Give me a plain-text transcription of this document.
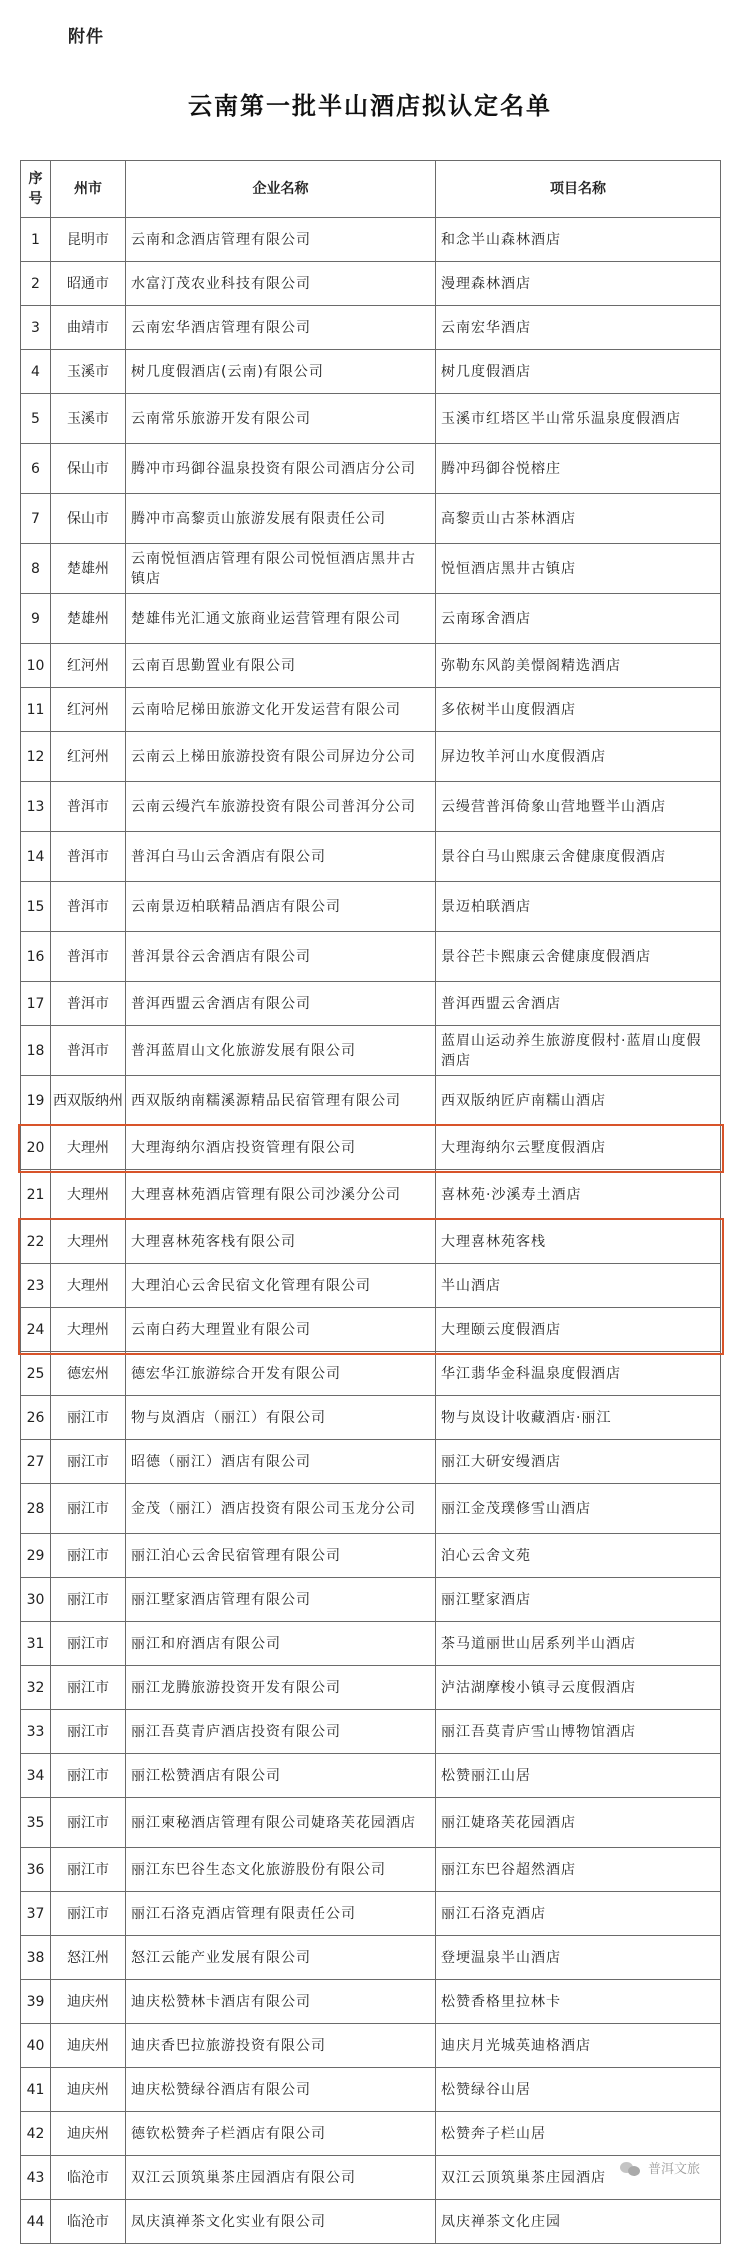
附件
云南第一批半山酒店拟认定名单
序号	州市	企业名称	项目名称
1	昆明市	云南和念酒店管理有限公司	和念半山森林酒店
2	昭通市	水富汀茂农业科技有限公司	漫理森林酒店
3	曲靖市	云南宏华酒店管理有限公司	云南宏华酒店
4	玉溪市	树几度假酒店(云南)有限公司	树几度假酒店
5	玉溪市	云南常乐旅游开发有限公司	玉溪市红塔区半山常乐温泉度假酒店
6	保山市	腾冲市玛御谷温泉投资有限公司酒店分公司	腾冲玛御谷悦榕庄
7	保山市	腾冲市高黎贡山旅游发展有限责任公司	高黎贡山古茶林酒店
8	楚雄州	云南悦恒酒店管理有限公司悦恒酒店黑井古镇店	悦恒酒店黑井古镇店
9	楚雄州	楚雄伟光汇通文旅商业运营管理有限公司	云南琢舍酒店
10	红河州	云南百思勤置业有限公司	弥勒东风韵美憬阁精选酒店
11	红河州	云南哈尼梯田旅游文化开发运营有限公司	多依树半山度假酒店
12	红河州	云南云上梯田旅游投资有限公司屏边分公司	屏边牧羊河山水度假酒店
13	普洱市	云南云缦汽车旅游投资有限公司普洱分公司	云缦营普洱倚象山营地暨半山酒店
14	普洱市	普洱白马山云舍酒店有限公司	景谷白马山熙康云舍健康度假酒店
15	普洱市	云南景迈柏联精品酒店有限公司	景迈柏联酒店
16	普洱市	普洱景谷云舍酒店有限公司	景谷芒卡熙康云舍健康度假酒店
17	普洱市	普洱西盟云舍酒店有限公司	普洱西盟云舍酒店
18	普洱市	普洱蓝眉山文化旅游发展有限公司	蓝眉山运动养生旅游度假村·蓝眉山度假酒店
19	西双版纳州	西双版纳南糯溪源精品民宿管理有限公司	西双版纳匠庐南糯山酒店
20	大理州	大理海纳尔酒店投资管理有限公司	大理海纳尔云墅度假酒店
21	大理州	大理喜林苑酒店管理有限公司沙溪分公司	喜林苑·沙溪寿土酒店
22	大理州	大理喜林苑客栈有限公司	大理喜林苑客栈
23	大理州	大理泊心云舍民宿文化管理有限公司	半山酒店
24	大理州	云南白药大理置业有限公司	大理颐云度假酒店
25	德宏州	德宏华江旅游综合开发有限公司	华江翡华金科温泉度假酒店
26	丽江市	物与岚酒店（丽江）有限公司	物与岚设计收藏酒店·丽江
27	丽江市	昭德（丽江）酒店有限公司	丽江大研安缦酒店
28	丽江市	金茂（丽江）酒店投资有限公司玉龙分公司	丽江金茂璞修雪山酒店
29	丽江市	丽江泊心云舍民宿管理有限公司	泊心云舍文苑
30	丽江市	丽江墅家酒店管理有限公司	丽江墅家酒店
31	丽江市	丽江和府酒店有限公司	茶马道丽世山居系列半山酒店
32	丽江市	丽江龙腾旅游投资开发有限公司	泸沽湖摩梭小镇寻云度假酒店
33	丽江市	丽江吾莫青庐酒店投资有限公司	丽江吾莫青庐雪山博物馆酒店
34	丽江市	丽江松赞酒店有限公司	松赞丽江山居
35	丽江市	丽江柬秘酒店管理有限公司婕珞芙花园酒店	丽江婕珞芙花园酒店
36	丽江市	丽江东巴谷生态文化旅游股份有限公司	丽江东巴谷超然酒店
37	丽江市	丽江石洛克酒店管理有限责任公司	丽江石洛克酒店
38	怒江州	怒江云能产业发展有限公司	登埂温泉半山酒店
39	迪庆州	迪庆松赞林卡酒店有限公司	松赞香格里拉林卡
40	迪庆州	迪庆香巴拉旅游投资有限公司	迪庆月光城英迪格酒店
41	迪庆州	迪庆松赞绿谷酒店有限公司	松赞绿谷山居
42	迪庆州	德钦松赞奔子栏酒店有限公司	松赞奔子栏山居
43	临沧市	双江云顶筑巢茶庄园酒店有限公司	双江云顶筑巢茶庄园酒店
44	临沧市	凤庆滇禅茶文化实业有限公司	凤庆禅茶文化庄园
普洱文旅
